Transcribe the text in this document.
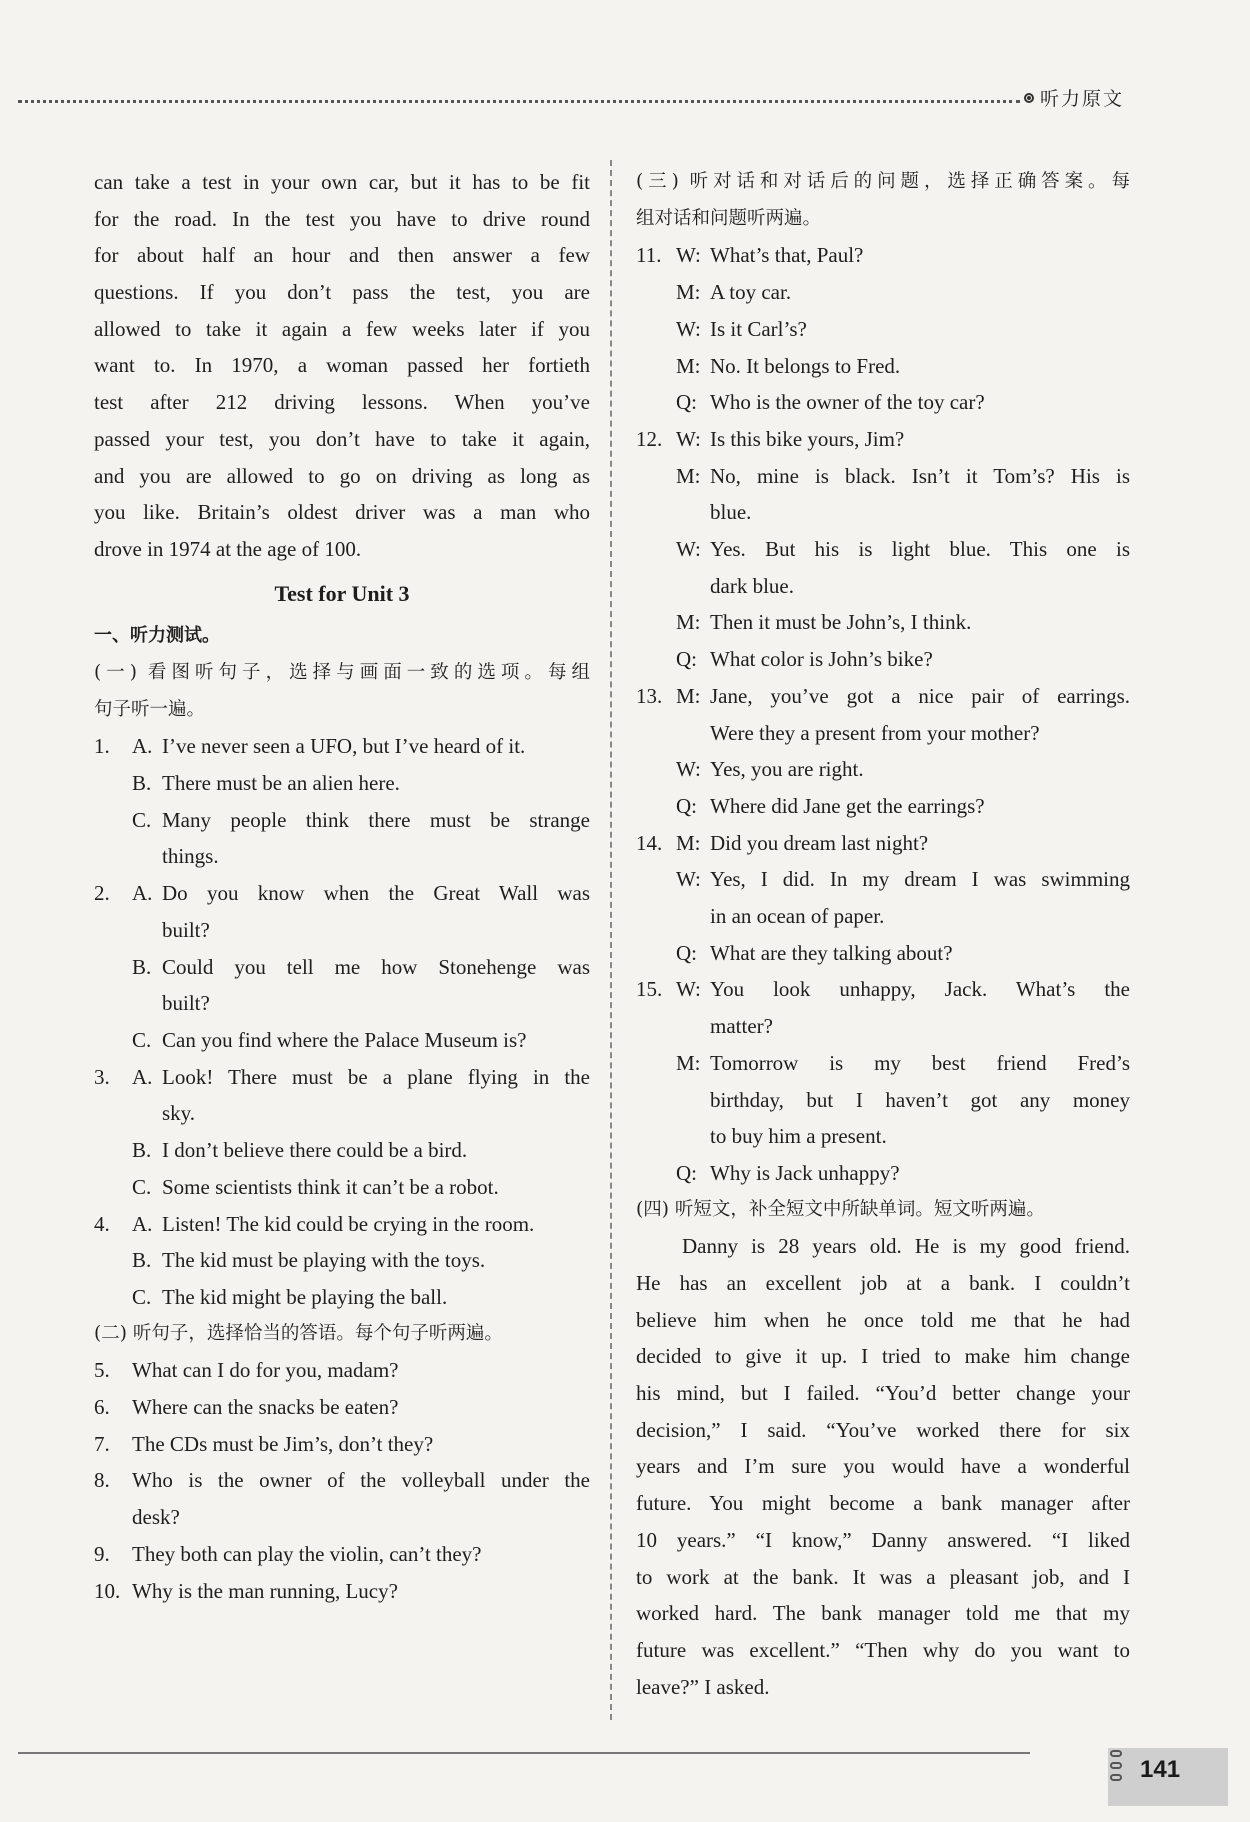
听力原文

can take a test in your own car, but it has to be fit

for the road. In the test you have to drive round

for about half an hour and then answer a few

questions. If you don’t pass the test, you are

allowed to take it again a few weeks later if you

want to. In 1970, a woman passed her fortieth

test after 212 driving lessons. When you’ve

passed your test, you don’t have to take it again,

and you are allowed to go on driving as long as

you like. Britain’s oldest driver was a man who

drove in 1974 at the age of 100.

Test for Unit 3

一、听力测试。

(一) 看图听句子，选择与画面一致的选项。每组

句子听一遍。

1.	A. I’ve never seen a UFO, but I’ve heard of it.
B. There must be an alien here.
C. Many people think there must be strange
things.
2.	A. Do you know when the Great Wall was
built?
B. Could you tell me how Stonehenge was
built?
C. Can you find where the Palace Museum is?
3.	A. Look! There must be a plane flying in the
sky.
B. I don’t believe there could be a bird.
C. Some scientists think it can’t be a robot.
4.	A. Listen! The kid could be crying in the room.
B. The kid must be playing with the toys.
C. The kid might be playing the ball.

(二) 听句子，选择恰当的答语。每个句子听两遍。

5.	What can I do for you, madam?
6.	Where can the snacks be eaten?
7.	The CDs must be Jim’s, don’t they?
8.	Who is the owner of the volleyball under the
desk?
9.	They both can play the violin, can’t they?
10. Why is the man running, Lucy?

(三) 听对话和对话后的问题，选择正确答案。每

组对话和问题听两遍。

11. W: What’s that, Paul?
M: A toy car.
W: Is it Carl’s?
M: No. It belongs to Fred.
Q: Who is the owner of the toy car?
12. W: Is this bike yours, Jim?
M: No, mine is black. Isn’t it Tom’s? His is
blue.
W: Yes. But his is light blue. This one is
dark blue.
M: Then it must be John’s, I think.
Q: What color is John’s bike?
13. M: Jane, you’ve got a nice pair of earrings.
Were they a present from your mother?
W: Yes, you are right.
Q: Where did Jane get the earrings?
14. M: Did you dream last night?
W: Yes, I did. In my dream I was swimming
in an ocean of paper.
Q: What are they talking about?
15. W: You look unhappy, Jack. What’s the
matter?
M: Tomorrow is my best friend Fred’s
birthday, but I haven’t got any money
to buy him a present.
Q: Why is Jack unhappy?

(四) 听短文，补全短文中所缺单词。短文听两遍。

Danny is 28 years old. He is my good friend.

He has an excellent job at a bank. I couldn’t

believe him when he once told me that he had

decided to give it up. I tried to make him change

his mind, but I failed. “You’d better change your

decision,” I said. “You’ve worked there for six

years and I’m sure you would have a wonderful

future. You might become a bank manager after

10 years.” “I know,” Danny answered. “I liked

to work at the bank. It was a pleasant job, and I

worked hard. The bank manager told me that my

future was excellent.” “Then why do you want to

leave?” I asked.

141
